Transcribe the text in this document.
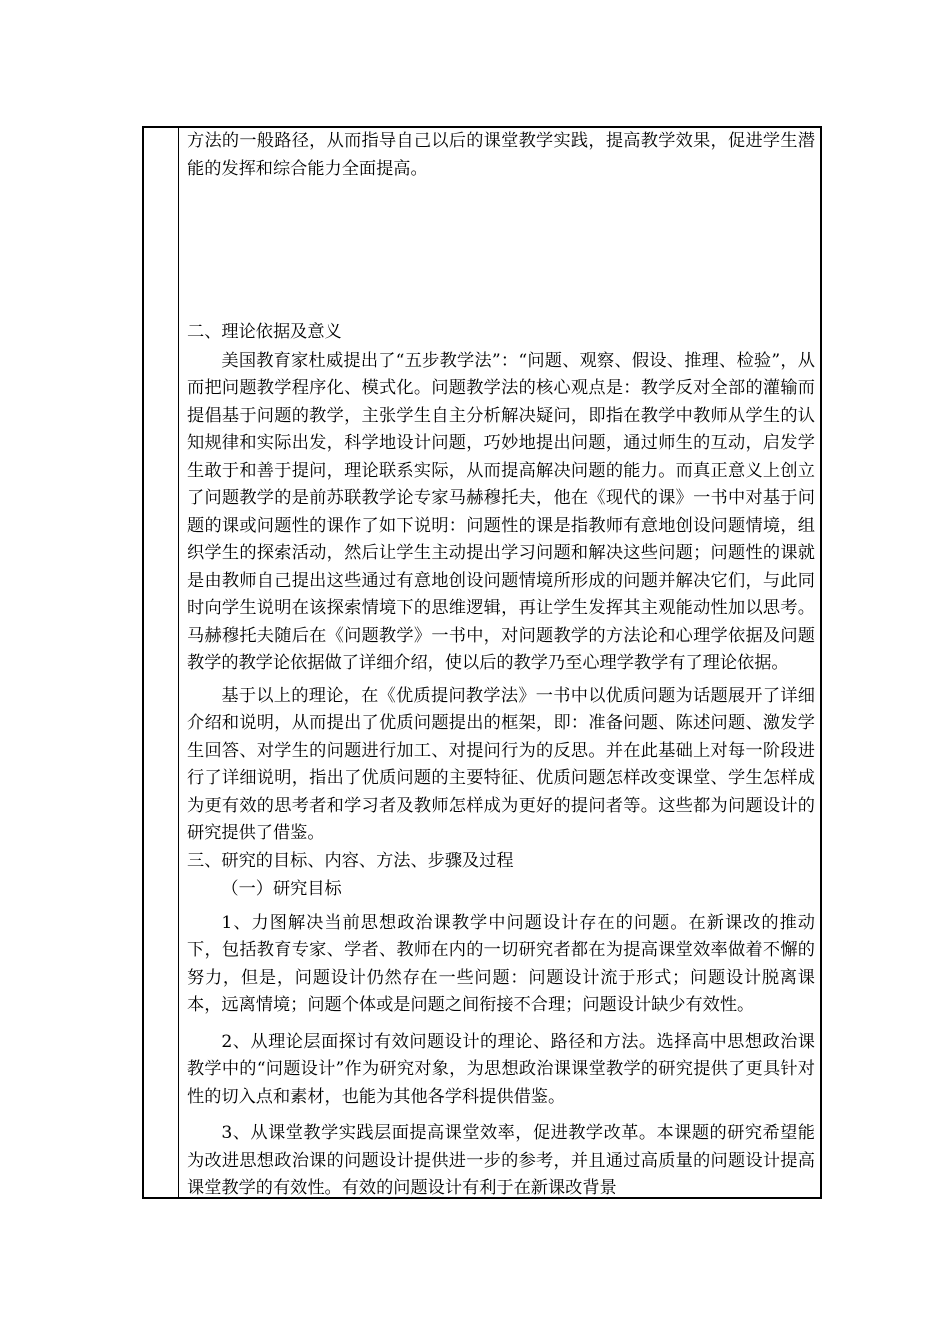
方法的一般路径，从而指导自己以后的课堂教学实践，提高教学效果，促进学生潜能的发挥和综合能力全面提高。

二、理论依据及意义

美国教育家杜威提出了“五步教学法”：“问题、观察、假设、推理、检验”，从而把问题教学程序化、模式化。问题教学法的核心观点是：教学反对全部的灌输而提倡基于问题的教学，主张学生自主分析解决疑问，即指在教学中教师从学生的认知规律和实际出发，科学地设计问题，巧妙地提出问题，通过师生的互动，启发学生敢于和善于提问，理论联系实际，从而提高解决问题的能力。而真正意义上创立了问题教学的是前苏联教学论专家马赫穆托夫，他在《现代的课》一书中对基于问题的课或问题性的课作了如下说明：问题性的课是指教师有意地创设问题情境，组织学生的探索活动，然后让学生主动提出学习问题和解决这些问题；问题性的课就是由教师自己提出这些通过有意地创设问题情境所形成的问题并解决它们，与此同时向学生说明在该探索情境下的思维逻辑，再让学生发挥其主观能动性加以思考。马赫穆托夫随后在《问题教学》一书中，对问题教学的方法论和心理学依据及问题教学的教学论依据做了详细介绍，使以后的教学乃至心理学教学有了理论依据。

基于以上的理论，在《优质提问教学法》一书中以优质问题为话题展开了详细介绍和说明，从而提出了优质问题提出的框架，即：准备问题、陈述问题、激发学生回答、对学生的问题进行加工、对提问行为的反思。并在此基础上对每一阶段进行了详细说明，指出了优质问题的主要特征、优质问题怎样改变课堂、学生怎样成为更有效的思考者和学习者及教师怎样成为更好的提问者等。这些都为问题设计的研究提供了借鉴。

三、研究的目标、内容、方法、步骤及过程

（一）研究目标

1、力图解决当前思想政治课教学中问题设计存在的问题。在新课改的推动下，包括教育专家、学者、教师在内的一切研究者都在为提高课堂效率做着不懈的努力，但是，问题设计仍然存在一些问题：问题设计流于形式；问题设计脱离课本，远离情境；问题个体或是问题之间衔接不合理；问题设计缺少有效性。

2、从理论层面探讨有效问题设计的理论、路径和方法。选择高中思想政治课教学中的“问题设计”作为研究对象，为思想政治课课堂教学的研究提供了更具针对性的切入点和素材，也能为其他各学科提供借鉴。

3、从课堂教学实践层面提高课堂效率，促进教学改革。本课题的研究希望能为改进思想政治课的问题设计提供进一步的参考，并且通过高质量的问题设计提高课堂教学的有效性。有效的问题设计有利于在新课改背景
